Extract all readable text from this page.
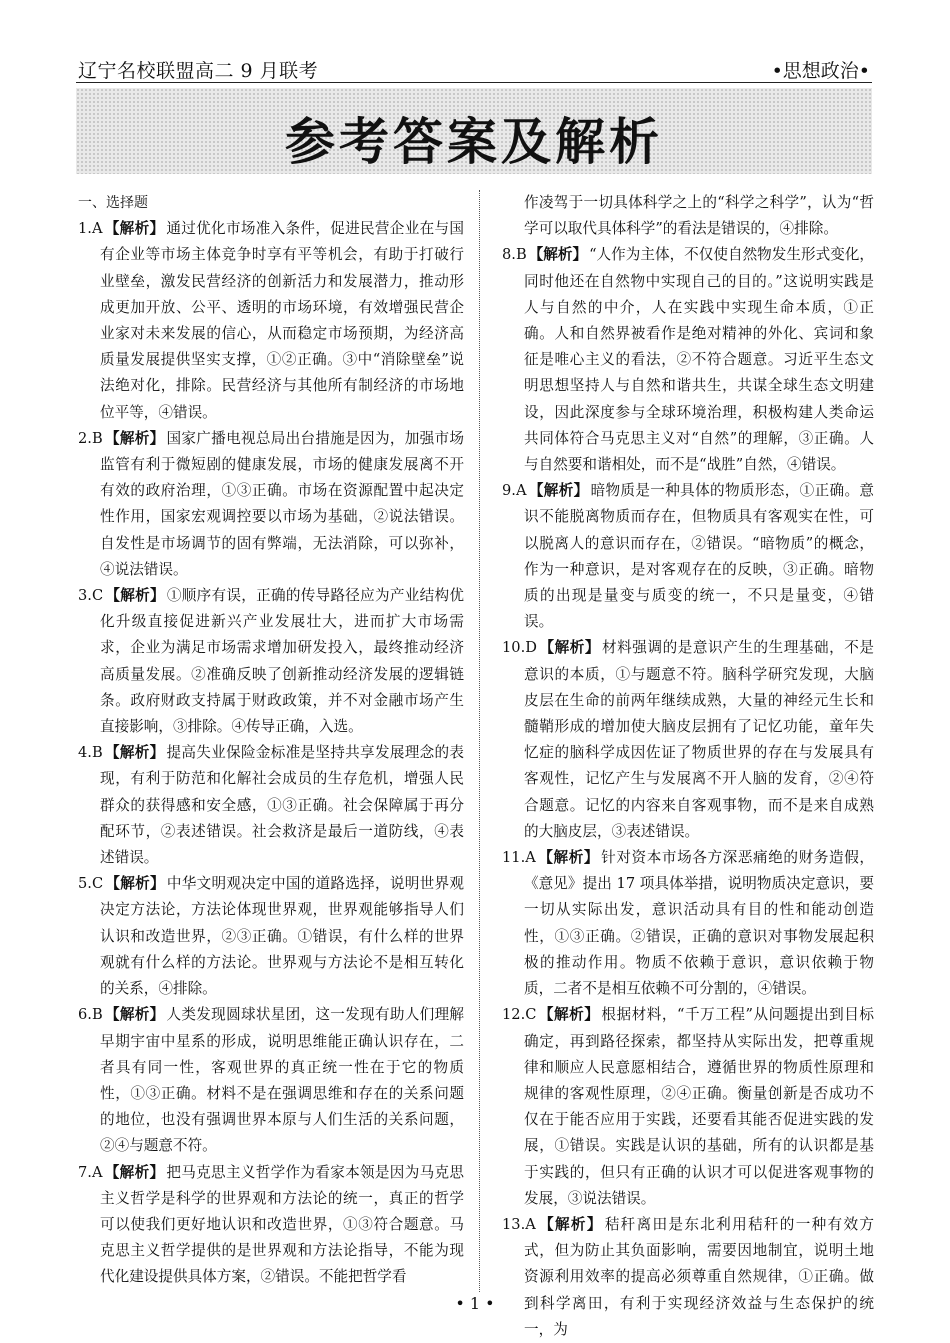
辽宁名校联盟高二 9 月联考	•思想政治•
参考答案及解析

一、选择题

1.A 【解析】 通过优化市场准入条件，促进民营企业在与国有企业等市场主体竞争时享有平等机会，有助于打破行业壁垒，激发民营经济的创新活力和发展潜力，推动形成更加开放、公平、透明的市场环境，有效增强民营企业家对未来发展的信心，从而稳定市场预期，为经济高质量发展提供坚实支撑，①②正确。③中“消除壁垒”说法绝对化，排除。民营经济与其他所有制经济的市场地位平等，④错误。

2.B 【解析】 国家广播电视总局出台措施是因为，加强市场监管有利于微短剧的健康发展，市场的健康发展离不开有效的政府治理，①③正确。市场在资源配置中起决定性作用，国家宏观调控要以市场为基础，②说法错误。自发性是市场调节的固有弊端，无法消除，可以弥补，④说法错误。

3.C 【解析】 ①顺序有误，正确的传导路径应为产业结构优化升级直接促进新兴产业发展壮大，进而扩大市场需求，企业为满足市场需求增加研发投入，最终推动经济高质量发展。②准确反映了创新推动经济发展的逻辑链条。政府财政支持属于财政政策，并不对金融市场产生直接影响，③排除。④传导正确，入选。

4.B 【解析】 提高失业保险金标准是坚持共享发展理念的表现，有利于防范和化解社会成员的生存危机，增强人民群众的获得感和安全感，①③正确。社会保障属于再分配环节，②表述错误。社会救济是最后一道防线，④表述错误。

5.C 【解析】 中华文明观决定中国的道路选择，说明世界观决定方法论，方法论体现世界观，世界观能够指导人们认识和改造世界，②③正确。①错误，有什么样的世界观就有什么样的方法论。世界观与方法论不是相互转化的关系，④排除。

6.B 【解析】 人类发现圆球状星团，这一发现有助人们理解早期宇宙中星系的形成，说明思维能正确认识存在，二者具有同一性，客观世界的真正统一性在于它的物质性，①③正确。材料不是在强调思维和存在的关系问题的地位，也没有强调世界本原与人们生活的关系问题，②④与题意不符。

7.A 【解析】 把马克思主义哲学作为看家本领是因为马克思主义哲学是科学的世界观和方法论的统一，真正的哲学可以使我们更好地认识和改造世界，①③符合题意。马克思主义哲学提供的是世界观和方法论指导，不能为现代化建设提供具体方案，②错误。不能把哲学看

作凌驾于一切具体科学之上的“科学之科学”，认为“哲学可以取代具体科学”的看法是错误的，④排除。

8.B 【解析】 “人作为主体，不仅使自然物发生形式变化，同时他还在自然物中实现自己的目的。”这说明实践是人与自然的中介，人在实践中实现生命本质，①正确。人和自然界被看作是绝对精神的外化、宾词和象征是唯心主义的看法，②不符合题意。习近平生态文明思想坚持人与自然和谐共生，共谋全球生态文明建设，因此深度参与全球环境治理，积极构建人类命运共同体符合马克思主义对“自然”的理解，③正确。人与自然要和谐相处，而不是“战胜”自然，④错误。

9.A 【解析】 暗物质是一种具体的物质形态，①正确。意识不能脱离物质而存在，但物质具有客观实在性，可以脱离人的意识而存在，②错误。“暗物质”的概念，作为一种意识，是对客观存在的反映，③正确。暗物质的出现是量变与质变的统一，不只是量变，④错误。

10.D 【解析】 材料强调的是意识产生的生理基础，不是意识的本质，①与题意不符。脑科学研究发现，大脑皮层在生命的前两年继续成熟，大量的神经元生长和髓鞘形成的增加使大脑皮层拥有了记忆功能，童年失忆症的脑科学成因佐证了物质世界的存在与发展具有客观性，记忆产生与发展离不开人脑的发育，②④符合题意。记忆的内容来自客观事物，而不是来自成熟的大脑皮层，③表述错误。

11.A 【解析】 针对资本市场各方深恶痛绝的财务造假，《意见》提出 17 项具体举措，说明物质决定意识，要一切从实际出发，意识活动具有目的性和能动创造性，①③正确。②错误，正确的意识对事物发展起积极的推动作用。物质不依赖于意识，意识依赖于物质，二者不是相互依赖不可分割的，④错误。

12.C 【解析】 根据材料，“千万工程”从问题提出到目标确定，再到路径探索，都坚持从实际出发，把尊重规律和顺应人民意愿相结合，遵循世界的物质性原理和规律的客观性原理，②④正确。衡量创新是否成功不仅在于能否应用于实践，还要看其能否促进实践的发展，①错误。实践是认识的基础，所有的认识都是基于实践的，但只有正确的认识才可以促进客观事物的发展，③说法错误。

13.A 【解析】 秸秆离田是东北利用秸秆的一种有效方式，但为防止其负面影响，需要因地制宜，说明土地资源利用效率的提高必须尊重自然规律，①正确。做到科学离田，有利于实现经济效益与生态保护的统一，为

• 1 •
